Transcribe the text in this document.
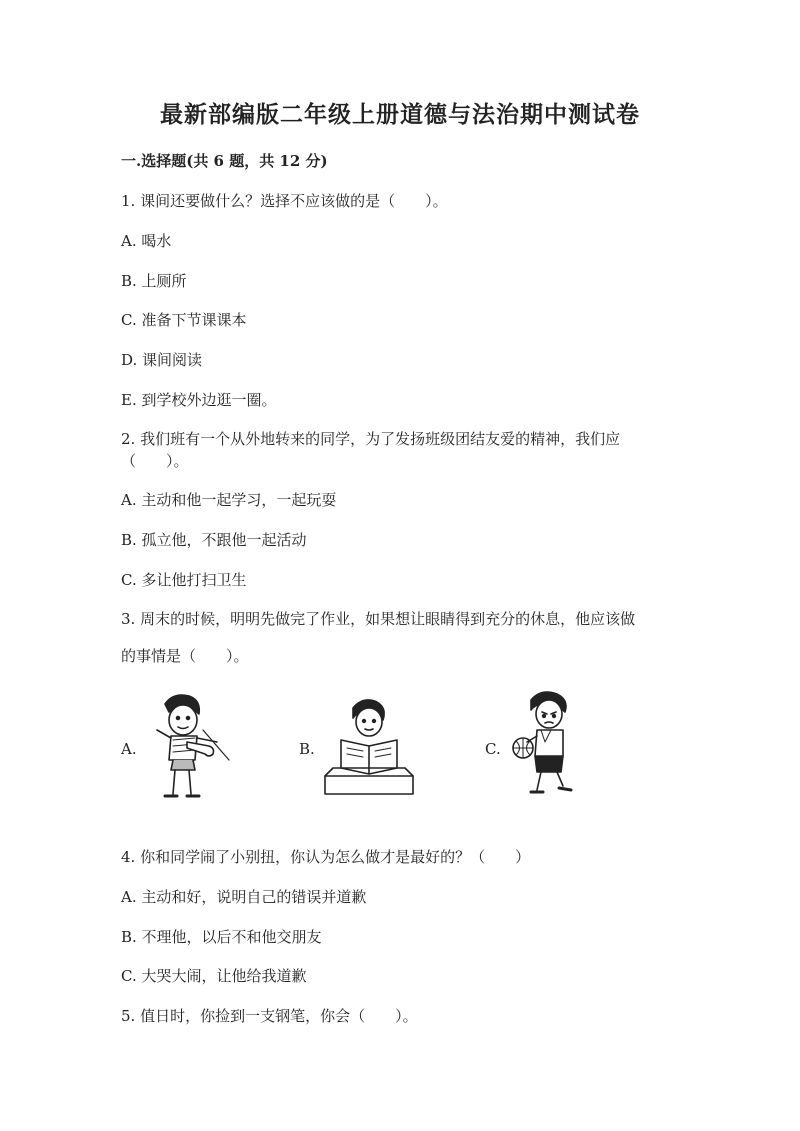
最新部编版二年级上册道德与法治期中测试卷
一.选择题(共 6 题，共 12 分)
1. 课间还要做什么？选择不应该做的是（　　）。
A. 喝水
B. 上厕所
C. 准备下节课课本
D. 课间阅读
E. 到学校外边逛一圈。
2. 我们班有一个从外地转来的同学，为了发扬班级团结友爱的精神，我们应
（　　）。
A. 主动和他一起学习，一起玩耍
B. 孤立他，不跟他一起活动
C. 多让他打扫卫生
3. 周末的时候，明明先做完了作业，如果想让眼睛得到充分的休息，他应该做
的事情是（　　）。
A.	B.	C.
4. 你和同学闹了小别扭，你认为怎么做才是最好的？（　　）
A. 主动和好，说明自己的错误并道歉
B. 不理他，以后不和他交朋友
C. 大哭大闹，让他给我道歉
5. 值日时，你捡到一支钢笔，你会（　　）。
